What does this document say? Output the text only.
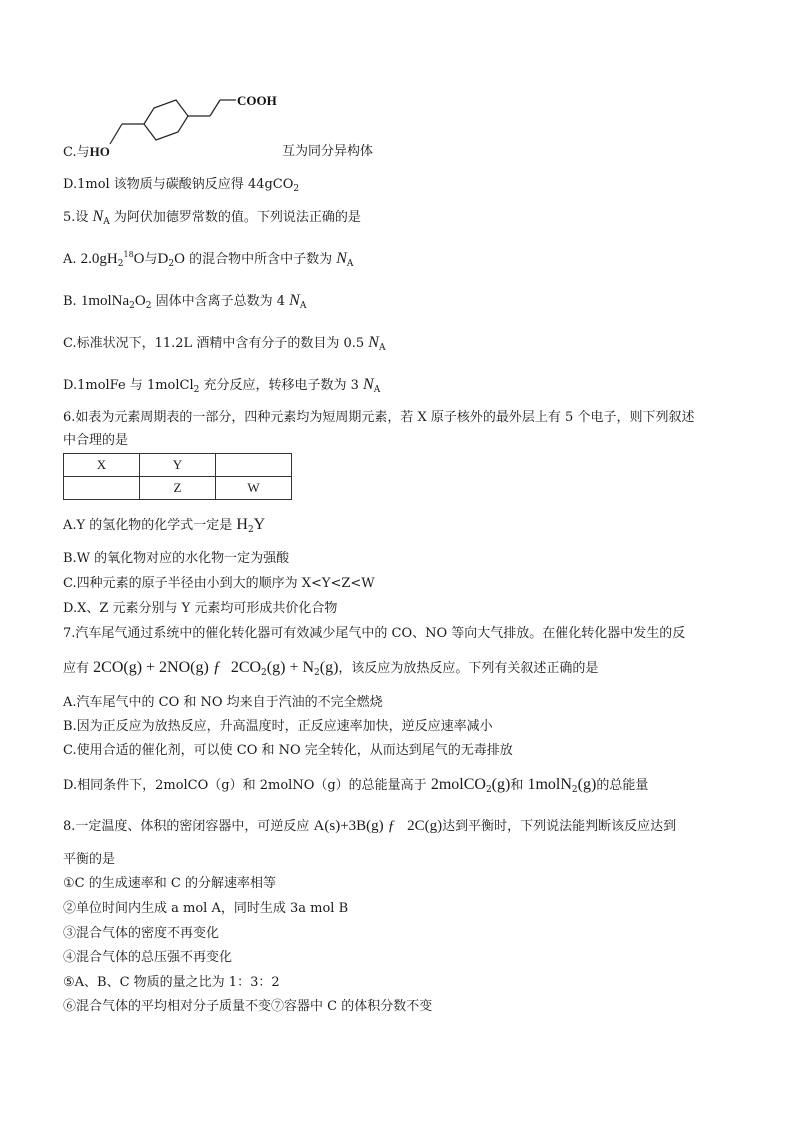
COOH
C.与HO	互为同分异构体
D.1mol 该物质与碳酸钠反应得 44gCO$_2$
5.设 $N_A$ 为阿伏加德罗常数的值。下列说法正确的是
A. $2.0gH_2^{18}O$与$D_2O$ 的混合物中所含中子数为 $N_A$
B. $1molNa_2O_2$ 固体中含离子总数为 4 $N_A$
C.标准状况下，11.2L 酒精中含有分子的数目为 0.5 $N_A$
D.1molFe 与 1molCl$_2$ 充分反应，转移电子数为 3 $N_A$
6.如表为元素周期表的一部分，四种元素均为短周期元素，若 X 原子核外的最外层上有 5 个电子，则下列叙述
中合理的是
X	Y	
	Z	W
A.Y 的氢化物的化学式一定是 $H_2Y$
B.W 的氧化物对应的水化物一定为强酸
C.四种元素的原子半径由小到大的顺序为 X<Y<Z<W
D.X、Z 元素分别与 Y 元素均可形成共价化合物
7.汽车尾气通过系统中的催化转化器可有效减少尾气中的 CO、NO 等向大气排放。在催化转化器中发生的反
应有 2CO(g) + 2NO(g) ƒ $2CO_2(g) + N_2(g)$，该反应为放热反应。下列有关叙述正确的是
A.汽车尾气中的 CO 和 NO 均来自于汽油的不完全燃烧
B.因为正反应为放热反应，升高温度时，正反应速率加快，逆反应速率减小
C.使用合适的催化剂，可以使 CO 和 NO 完全转化，从而达到尾气的无毒排放
D.相同条件下，2molCO（g）和 2molNO（g）的总能量高于 2molCO$_2$(g)和 1molN$_2$(g)的总能量
8.一定温度、体积的密闭容器中，可逆反应 A(s)+3B(g) ƒ 2C(g)达到平衡时，下列说法能判断该反应达到
平衡的是
①C 的生成速率和 C 的分解速率相等
②单位时间内生成 a mol A，同时生成 3a mol B
③混合气体的密度不再变化
④混合气体的总压强不再变化
⑤A、B、C 物质的量之比为 1：3：2
⑥混合气体的平均相对分子质量不变⑦容器中 C 的体积分数不变
